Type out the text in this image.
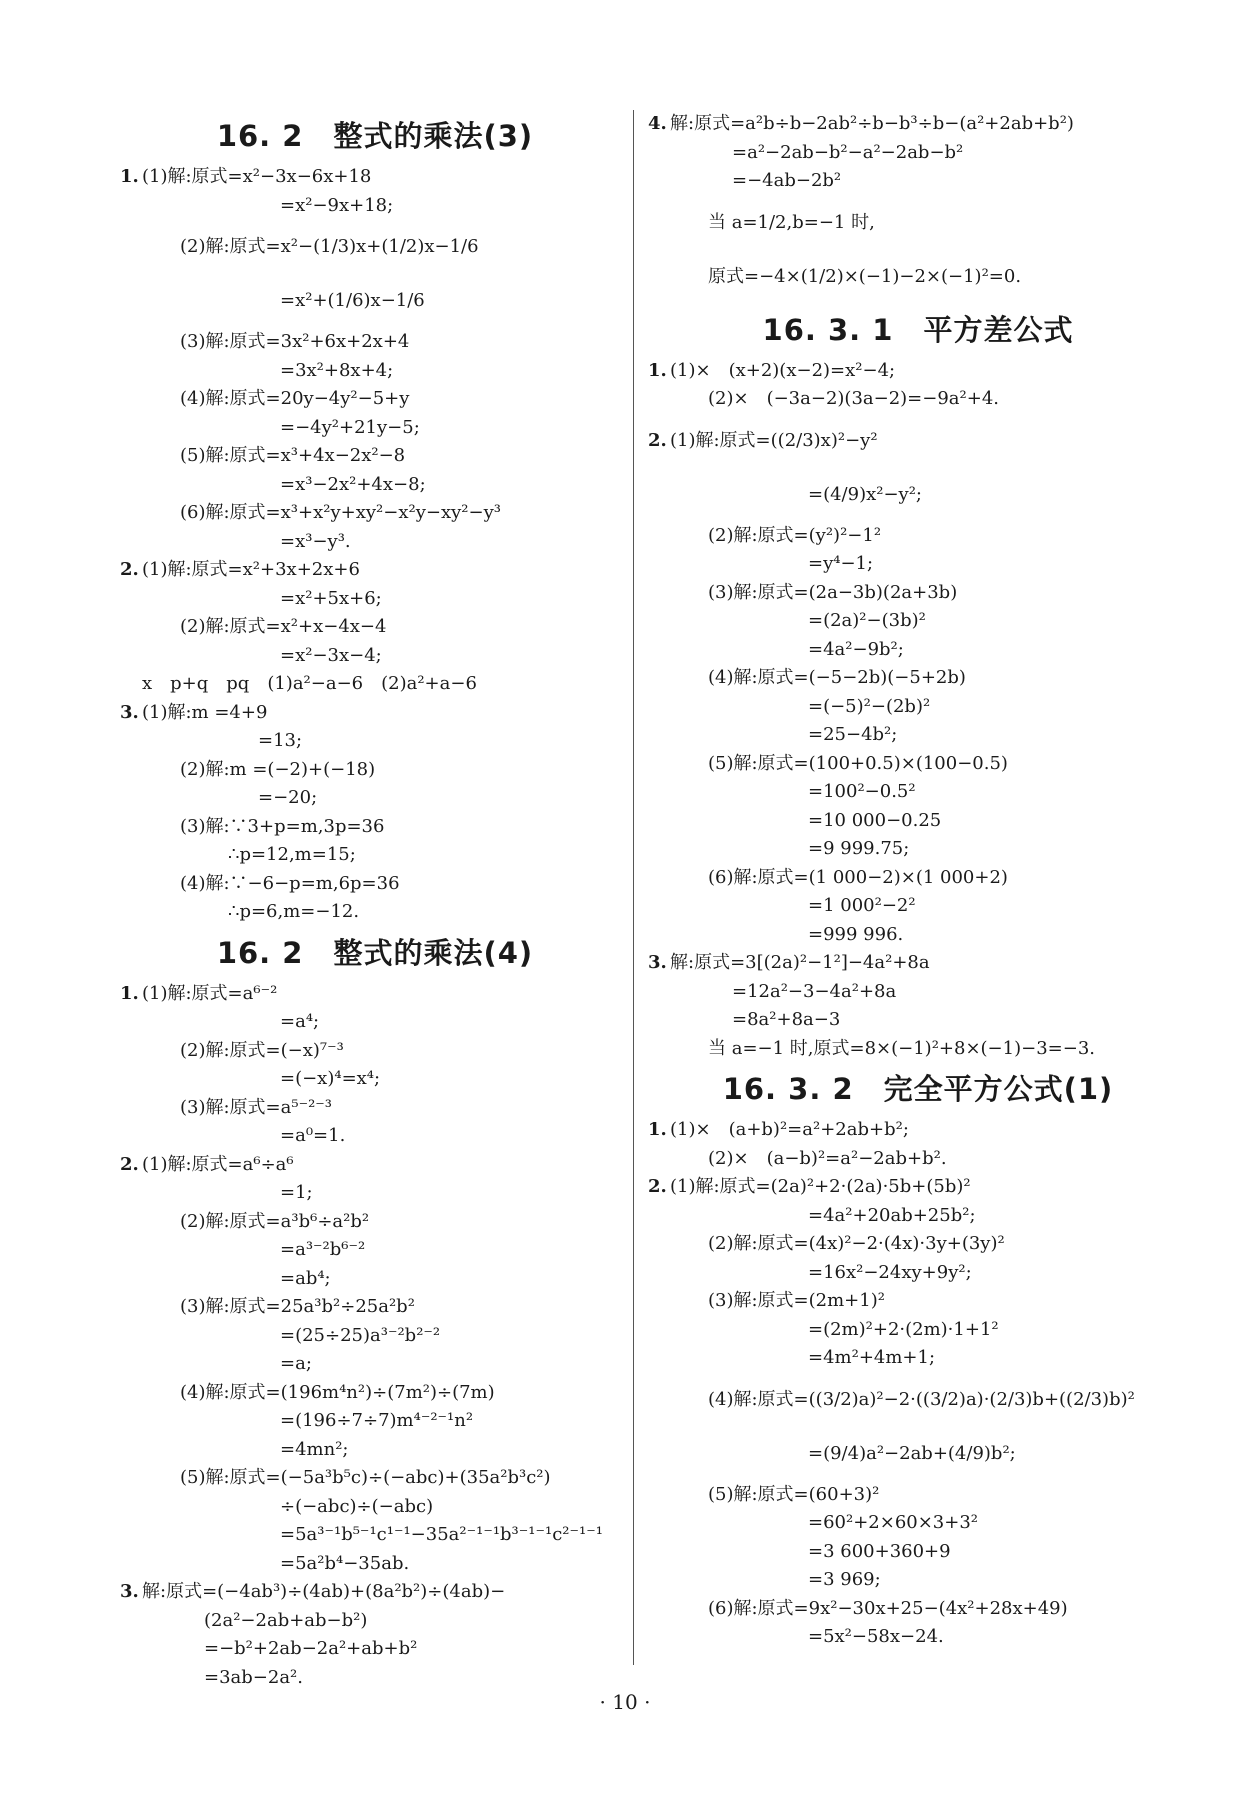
16. 2　整式的乘法(3)
1. (1)解:原式=x²−3x−6x+18
=x²−9x+18;
(2)解:原式=x²−(1/3)x+(1/2)x−1/6
=x²+(1/6)x−1/6
(3)解:原式=3x²+6x+2x+4
=3x²+8x+4;
(4)解:原式=20y−4y²−5+y
=−4y²+21y−5;
(5)解:原式=x³+4x−2x²−8
=x³−2x²+4x−8;
(6)解:原式=x³+x²y+xy²−x²y−xy²−y³
=x³−y³.
2. (1)解:原式=x²+3x+2x+6
=x²+5x+6;
(2)解:原式=x²+x−4x−4
=x²−3x−4;
x　p+q　pq　(1)a²−a−6　(2)a²+a−6
3. (1)解:m =4+9
=13;
(2)解:m =(−2)+(−18)
=−20;
(3)解:∵3+p=m,3p=36
∴p=12,m=15;
(4)解:∵−6−p=m,6p=36
∴p=6,m=−12.
16. 2　整式的乘法(4)
1. (1)解:原式=a⁶⁻²
=a⁴;
(2)解:原式=(−x)⁷⁻³
=(−x)⁴=x⁴;
(3)解:原式=a⁵⁻²⁻³
=a⁰=1.
2. (1)解:原式=a⁶÷a⁶
=1;
(2)解:原式=a³b⁶÷a²b²
=a³⁻²b⁶⁻²
=ab⁴;
(3)解:原式=25a³b²÷25a²b²
=(25÷25)a³⁻²b²⁻²
=a;
(4)解:原式=(196m⁴n²)÷(7m²)÷(7m)
=(196÷7÷7)m⁴⁻²⁻¹n²
=4mn²;
(5)解:原式=(−5a³b⁵c)÷(−abc)+(35a²b³c²)
÷(−abc)÷(−abc)
=5a³⁻¹b⁵⁻¹c¹⁻¹−35a²⁻¹⁻¹b³⁻¹⁻¹c²⁻¹⁻¹
=5a²b⁴−35ab.
3. 解:原式=(−4ab³)÷(4ab)+(8a²b²)÷(4ab)−
(2a²−2ab+ab−b²)
=−b²+2ab−2a²+ab+b²
=3ab−2a².
4. 解:原式=a²b÷b−2ab²÷b−b³÷b−(a²+2ab+b²)
=a²−2ab−b²−a²−2ab−b²
=−4ab−2b²
当 a=1/2,b=−1 时,
原式=−4×(1/2)×(−1)−2×(−1)²=0.
16. 3. 1　平方差公式
1. (1)×　(x+2)(x−2)=x²−4;
(2)×　(−3a−2)(3a−2)=−9a²+4.
2. (1)解:原式=((2/3)x)²−y²
=(4/9)x²−y²;
(2)解:原式=(y²)²−1²
=y⁴−1;
(3)解:原式=(2a−3b)(2a+3b)
=(2a)²−(3b)²
=4a²−9b²;
(4)解:原式=(−5−2b)(−5+2b)
=(−5)²−(2b)²
=25−4b²;
(5)解:原式=(100+0.5)×(100−0.5)
=100²−0.5²
=10 000−0.25
=9 999.75;
(6)解:原式=(1 000−2)×(1 000+2)
=1 000²−2²
=999 996.
3. 解:原式=3[(2a)²−1²]−4a²+8a
=12a²−3−4a²+8a
=8a²+8a−3
当 a=−1 时,原式=8×(−1)²+8×(−1)−3=−3.
16. 3. 2　完全平方公式(1)
1. (1)×　(a+b)²=a²+2ab+b²;
(2)×　(a−b)²=a²−2ab+b².
2. (1)解:原式=(2a)²+2·(2a)·5b+(5b)²
=4a²+20ab+25b²;
(2)解:原式=(4x)²−2·(4x)·3y+(3y)²
=16x²−24xy+9y²;
(3)解:原式=(2m+1)²
=(2m)²+2·(2m)·1+1²
=4m²+4m+1;
(4)解:原式=((3/2)a)²−2·((3/2)a)·(2/3)b+((2/3)b)²
=(9/4)a²−2ab+(4/9)b²;
(5)解:原式=(60+3)²
=60²+2×60×3+3²
=3 600+360+9
=3 969;
(6)解:原式=9x²−30x+25−(4x²+28x+49)
=5x²−58x−24.
· 10 ·
